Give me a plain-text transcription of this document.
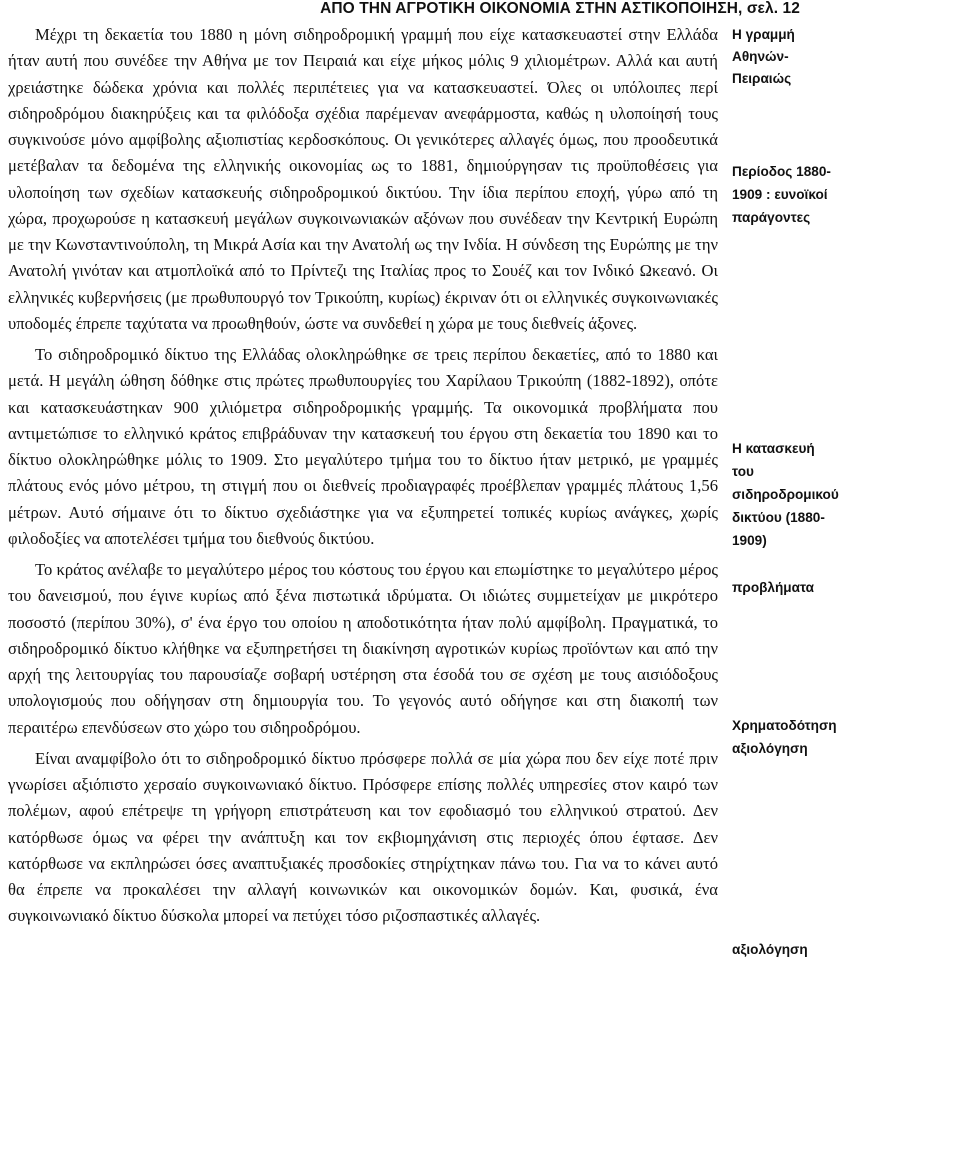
ΑΠΟ ΤΗΝ ΑΓΡΟΤΙΚΗ ΟΙΚΟΝΟΜΙΑ ΣΤΗΝ ΑΣΤΙΚΟΠΟΙΗΣΗ, σελ. 12

Μέχρι τη δεκαετία του 1880 η μόνη σιδηροδρομική γραμμή που είχε κατασκευαστεί στην Ελλάδα ήταν αυτή που συνέδεε την Αθήνα με τον Πειραιά και είχε μήκος μόλις 9 χιλιομέτρων. Αλλά και αυτή χρειάστηκε δώδεκα χρόνια και πολλές περιπέτειες για να κατασκευαστεί. Όλες οι υπόλοιπες περί σιδηροδρόμου διακηρύξεις και τα φιλόδοξα σχέδια παρέμεναν ανεφάρμοστα, καθώς η υλοποίησή τους συγκινούσε μόνο αμφίβολης αξιοπιστίας κερδοσκόπους. Οι γενικότερες αλλαγές όμως, που προοδευτικά μετέβαλαν τα δεδομένα της ελληνικής οικονομίας ως το 1881, δημιούργησαν τις προϋποθέσεις για υλοποίηση των σχεδίων κατασκευής σιδηροδρομικού δικτύου. Την ίδια περίπου εποχή, γύρω από τη χώρα, προχωρούσε η κατασκευή μεγάλων συγκοινωνιακών αξόνων που συνέδεαν την Κεντρική Ευρώπη με την Κωνσταντινούπολη, τη Μικρά Ασία και την Ανατολή ως την Ινδία. Η σύνδεση της Ευρώπης με την Ανατολή γινόταν και ατμοπλοϊκά από το Πρίντεζι της Ιταλίας προς το Σουέζ και τον Ινδικό Ωκεανό. Οι ελληνικές κυβερνήσεις (με πρωθυπουργό τον Τρικούπη, κυρίως) έκριναν ότι οι ελληνικές συγκοινωνιακές υποδομές έπρεπε ταχύτατα να προωθηθούν, ώστε να συνδεθεί η χώρα με τους διεθνείς άξονες.

Το σιδηροδρομικό δίκτυο της Ελλάδας ολοκληρώθηκε σε τρεις περίπου δεκαετίες, από το 1880 και μετά. Η μεγάλη ώθηση δόθηκε στις πρώτες πρωθυπουργίες του Χαρίλαου Τρικούπη (1882-1892), οπότε και κατασκευάστηκαν 900 χιλιόμετρα σιδηροδρομικής γραμμής. Τα οικονομικά προβλήματα που αντιμετώπισε το ελληνικό κράτος επιβράδυναν την κατασκευή του έργου στη δεκαετία του 1890 και το δίκτυο ολοκληρώθηκε μόλις το 1909. Στο μεγαλύτερο τμήμα του το δίκτυο ήταν μετρικό, με γραμμές πλάτους ενός μόνο μέτρου, τη στιγμή που οι διεθνείς προδιαγραφές προέβλεπαν γραμμές πλάτους 1,56 μέτρων. Αυτό σήμαινε ότι το δίκτυο σχεδιάστηκε για να εξυπηρετεί τοπικές κυρίως ανάγκες, χωρίς φιλοδοξίες να αποτελέσει τμήμα του διεθνούς δικτύου.

Το κράτος ανέλαβε το μεγαλύτερο μέρος του κόστους του έργου και επωμίστηκε το μεγαλύτερο μέρος του δανεισμού, που έγινε κυρίως από ξένα πιστωτικά ιδρύματα. Οι ιδιώτες συμμετείχαν με μικρότερο ποσοστό (περίπου 30%), σ' ένα έργο του οποίου η αποδοτικότητα ήταν πολύ αμφίβολη. Πραγματικά, το σιδηροδρομικό δίκτυο κλήθηκε να εξυπηρετήσει τη διακίνηση αγροτικών κυρίως προϊόντων και από την αρχή της λειτουργίας του παρουσίαζε σοβαρή υστέρηση στα έσοδά του σε σχέση με τους αισιόδοξους υπολογισμούς που οδήγησαν στη δημιουργία του. Το γεγονός αυτό οδήγησε και στη διακοπή των περαιτέρω επενδύσεων στο χώρο του σιδηροδρόμου.

Είναι αναμφίβολο ότι το σιδηροδρομικό δίκτυο πρόσφερε πολλά σε μία χώρα που δεν είχε ποτέ πριν γνωρίσει αξιόπιστο χερσαίο συγκοινωνιακό δίκτυο. Πρόσφερε επίσης πολλές υπηρεσίες στον καιρό των πολέμων, αφού επέτρεψε τη γρήγορη επιστράτευση και τον εφοδιασμό του ελληνικού στρατού. Δεν κατόρθωσε όμως να φέρει την ανάπτυξη και τον εκβιομηχάνιση στις περιοχές όπου έφτασε. Δεν κατόρθωσε να εκπληρώσει όσες αναπτυξιακές προσδοκίες στηρίχτηκαν πάνω του. Για να το κάνει αυτό θα έπρεπε να προκαλέσει την αλλαγή κοινωνικών και οικονομικών δομών. Και, φυσικά, ένα συγκοινωνιακό δίκτυο δύσκολα μπορεί να πετύχει τόσο ριζοσπαστικές αλλαγές.

Η γραμμή
Αθηνών-
Πειραιώς
Περίοδος 1880-
1909 : ευνοϊκοί
παράγοντες
Η κατασκευή
του
σιδηροδρομικού
δικτύου (1880-
1909)
προβλήματα
Χρηματοδότηση
αξιολόγηση
αξιολόγηση
